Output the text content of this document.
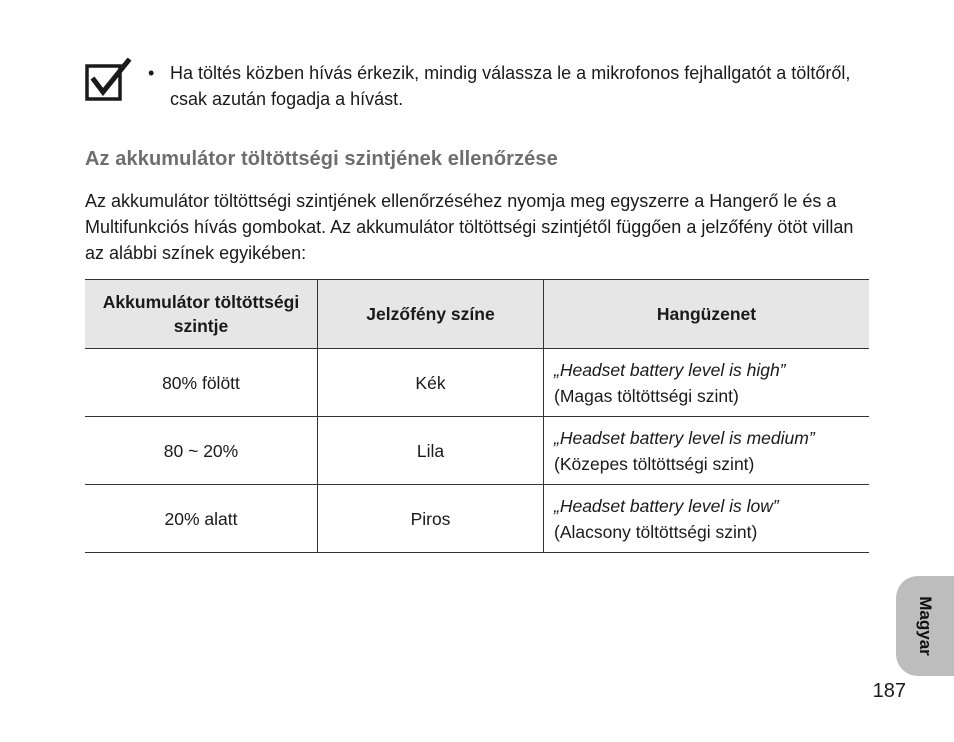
• Ha töltés közben hívás érkezik, mindig válassza le a mikrofonos fejhallgatót a töltőről, csak azután fogadja a hívást.
Az akkumulátor töltöttségi szintjének ellenőrzése

Az akkumulátor töltöttségi szintjének ellenőrzéséhez nyomja meg egyszerre a Hangerő le és a Multifunkciós hívás gombokat. Az akkumulátor töltöttségi szintjétől függően a jelzőfény ötöt villan az alábbi színek egyikében:

Akkumulátor töltöttségi szintje	Jelzőfény színe	Hangüzenet
80% fölött	Kék	„Headset battery level is high”
(Magas töltöttségi szint)

80 ~ 20%	Lila	„Headset battery level is medium”
(Közepes töltöttségi szint)

20% alatt	Piros	„Headset battery level is low”
(Alacsony töltöttségi szint)
Magyar
187
